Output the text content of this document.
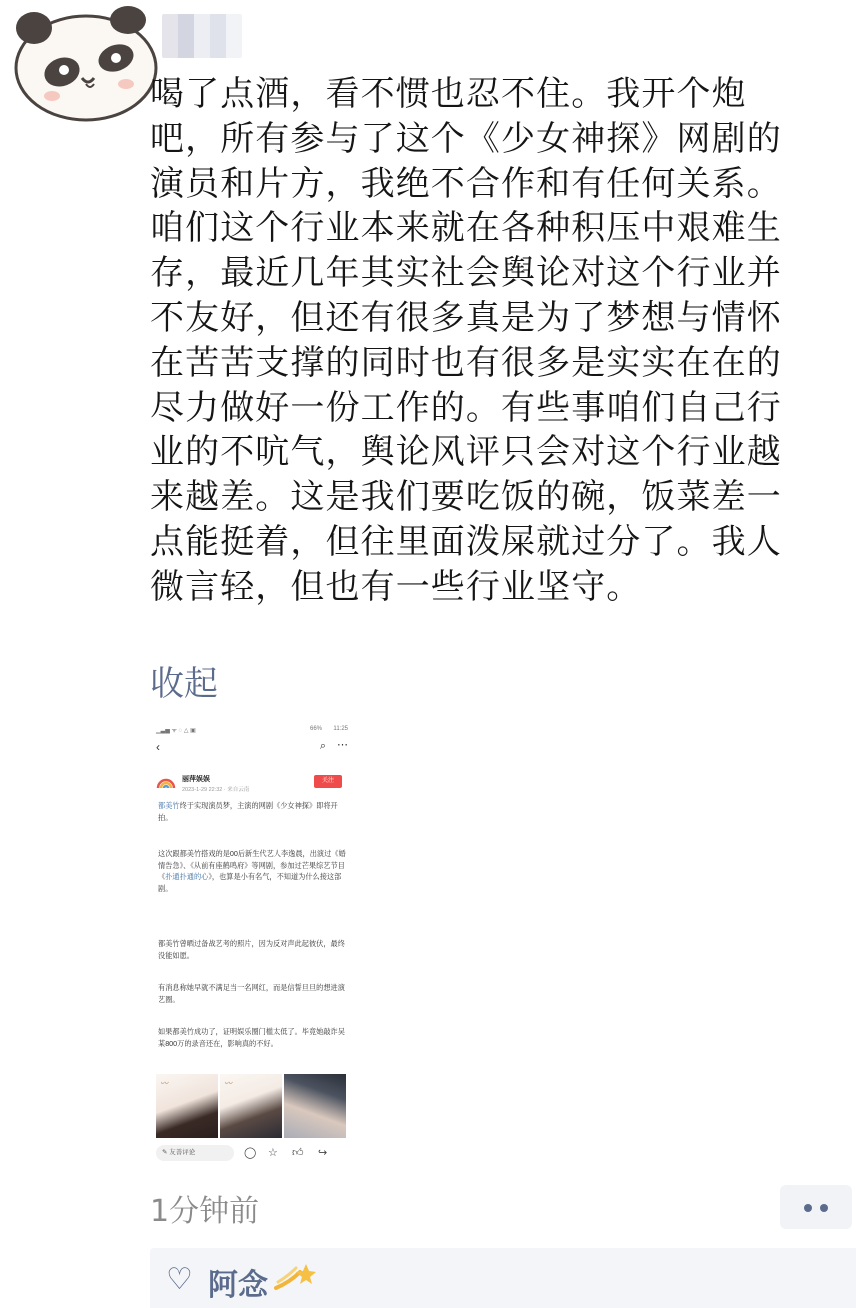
喝了点酒，看不惯也忍不住。我开个炮
吧，所有参与了这个《少女神探》网剧的
演员和片方，我绝不合作和有任何关系。
咱们这个行业本来就在各种积压中艰难生
存，最近几年其实社会舆论对这个行业并
不友好，但还有很多真是为了梦想与情怀
在苦苦支撑的同时也有很多是实实在在的
尽力做好一份工作的。有些事咱们自己行
业的不吭气，舆论风评只会对这个行业越
来越差。这是我们要吃饭的碗，饭菜差一
点能挺着，但往里面泼屎就过分了。我人
微言轻，但也有一些行业坚守。

收起
▁▃▅ ᯤ ◌ △ ▣	66% 11:25
‹	⌕ ⋯
丽萍娱娱
2023-1-29 22:32 · 来自云南
关注

都美竹终于实现演员梦，主演的网剧《少女神探》即将开拍。

这次跟都美竹搭戏的是00后新生代艺人李逸晨，出演过《婚情告急》、《从前有座鹤鸣府》等网剧，参加过芒果综艺节目《扑通扑通的心》，也算是小有名气，不知道为什么接这部剧。

都美竹曾晒过备战艺考的照片，因为反对声此起彼伏，最终没能如愿。

有消息称她早就不满足当一名网红，而是信誓旦旦的想进演艺圈。

如果都美竹成功了，证明娱乐圈门槛太低了。毕竟她敲诈吴某800万的录音还在，影响真的不好。

〰	〰
✎ 友善评论	◯ ☆ 👍︎ ↪
1分钟前
♡ 阿念
